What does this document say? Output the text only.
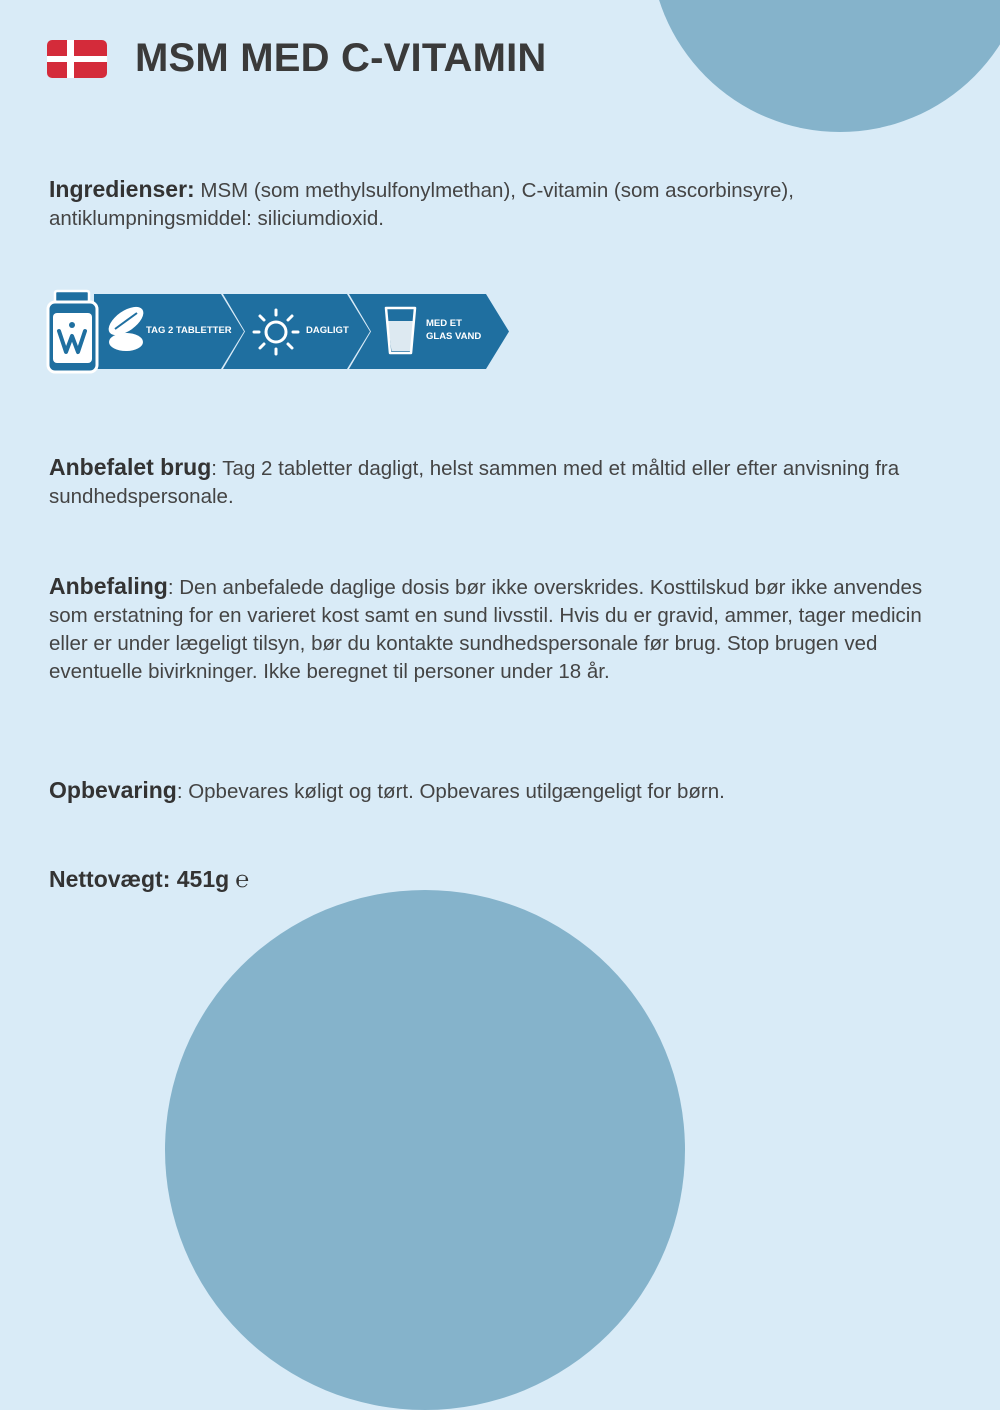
MSM MED C-VITAMIN

Ingredienser: MSM (som methylsulfonylmethan), C-vitamin (som ascorbinsyre), antiklumpningsmiddel: siliciumdioxid.

TAG 2 TABLETTER	DAGLIGT
MED ET
GLAS VAND

Anbefalet brug: Tag 2 tabletter dagligt, helst sammen med et måltid eller efter anvisning fra sundhedspersonale.

Anbefaling: Den anbefalede daglige dosis bør ikke overskrides. Kosttilskud bør ikke anvendes som erstatning for en varieret kost samt en sund livsstil. Hvis du er gravid, ammer, tager medicin eller er under lægeligt tilsyn, bør du kontakte sundhedspersonale før brug. Stop brugen ved eventuelle bivirkninger. Ikke beregnet til personer under 18 år.

Opbevaring: Opbevares køligt og tørt. Opbevares utilgængeligt for børn.

Nettovægt: 451g ℮
